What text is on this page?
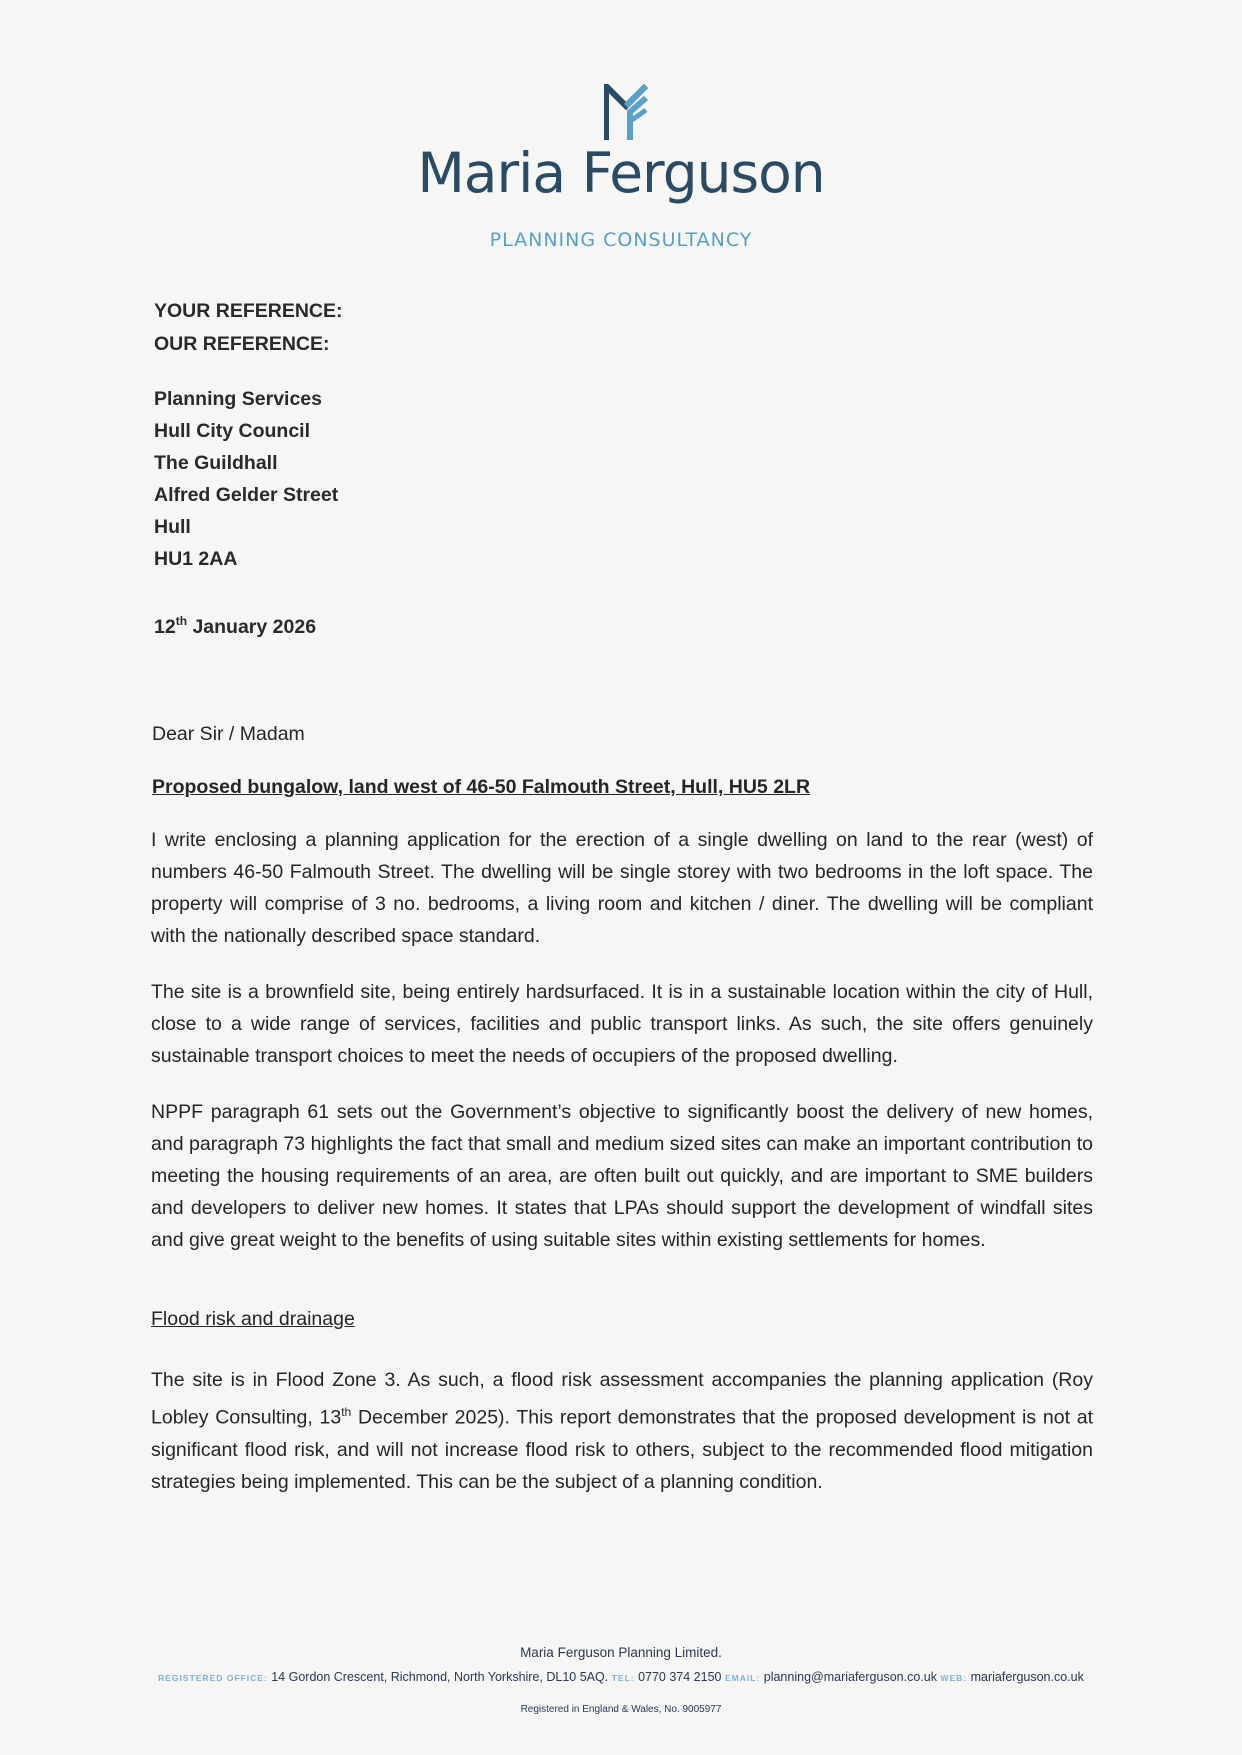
Maria Ferguson
PLANNING CONSULTANCY
YOUR REFERENCE:
OUR REFERENCE:
Planning Services
Hull City Council
The Guildhall
Alfred Gelder Street
Hull
HU1 2AA
12th January 2026
Dear Sir / Madam
Proposed bungalow, land west of 46-50 Falmouth Street, Hull, HU5 2LR
I write enclosing a planning application for the erection of a single dwelling on land to the rear (west) of numbers 46-50 Falmouth Street. The dwelling will be single storey with two bedrooms in the loft space. The property will comprise of 3 no. bedrooms, a living room and kitchen / diner. The dwelling will be compliant with the nationally described space standard.
The site is a brownfield site, being entirely hardsurfaced. It is in a sustainable location within the city of Hull, close to a wide range of services, facilities and public transport links. As such, the site offers genuinely sustainable transport choices to meet the needs of occupiers of the proposed dwelling.
NPPF paragraph 61 sets out the Government’s objective to significantly boost the delivery of new homes, and paragraph 73 highlights the fact that small and medium sized sites can make an important contribution to meeting the housing requirements of an area, are often built out quickly, and are important to SME builders and developers to deliver new homes. It states that LPAs should support the development of windfall sites and give great weight to the benefits of using suitable sites within existing settlements for homes.
Flood risk and drainage
The site is in Flood Zone 3. As such, a flood risk assessment accompanies the planning application (Roy Lobley Consulting, 13th December 2025). This report demonstrates that the proposed development is not at significant flood risk, and will not increase flood risk to others, subject to the recommended flood mitigation strategies being implemented. This can be the subject of a planning condition.
Maria Ferguson Planning Limited.
REGISTERED OFFICE: 14 Gordon Crescent, Richmond, North Yorkshire, DL10 5AQ. TEL: 0770 374 2150 EMAIL: planning@mariaferguson.co.uk WEB: mariaferguson.co.uk
Registered in England & Wales, No. 9005977
